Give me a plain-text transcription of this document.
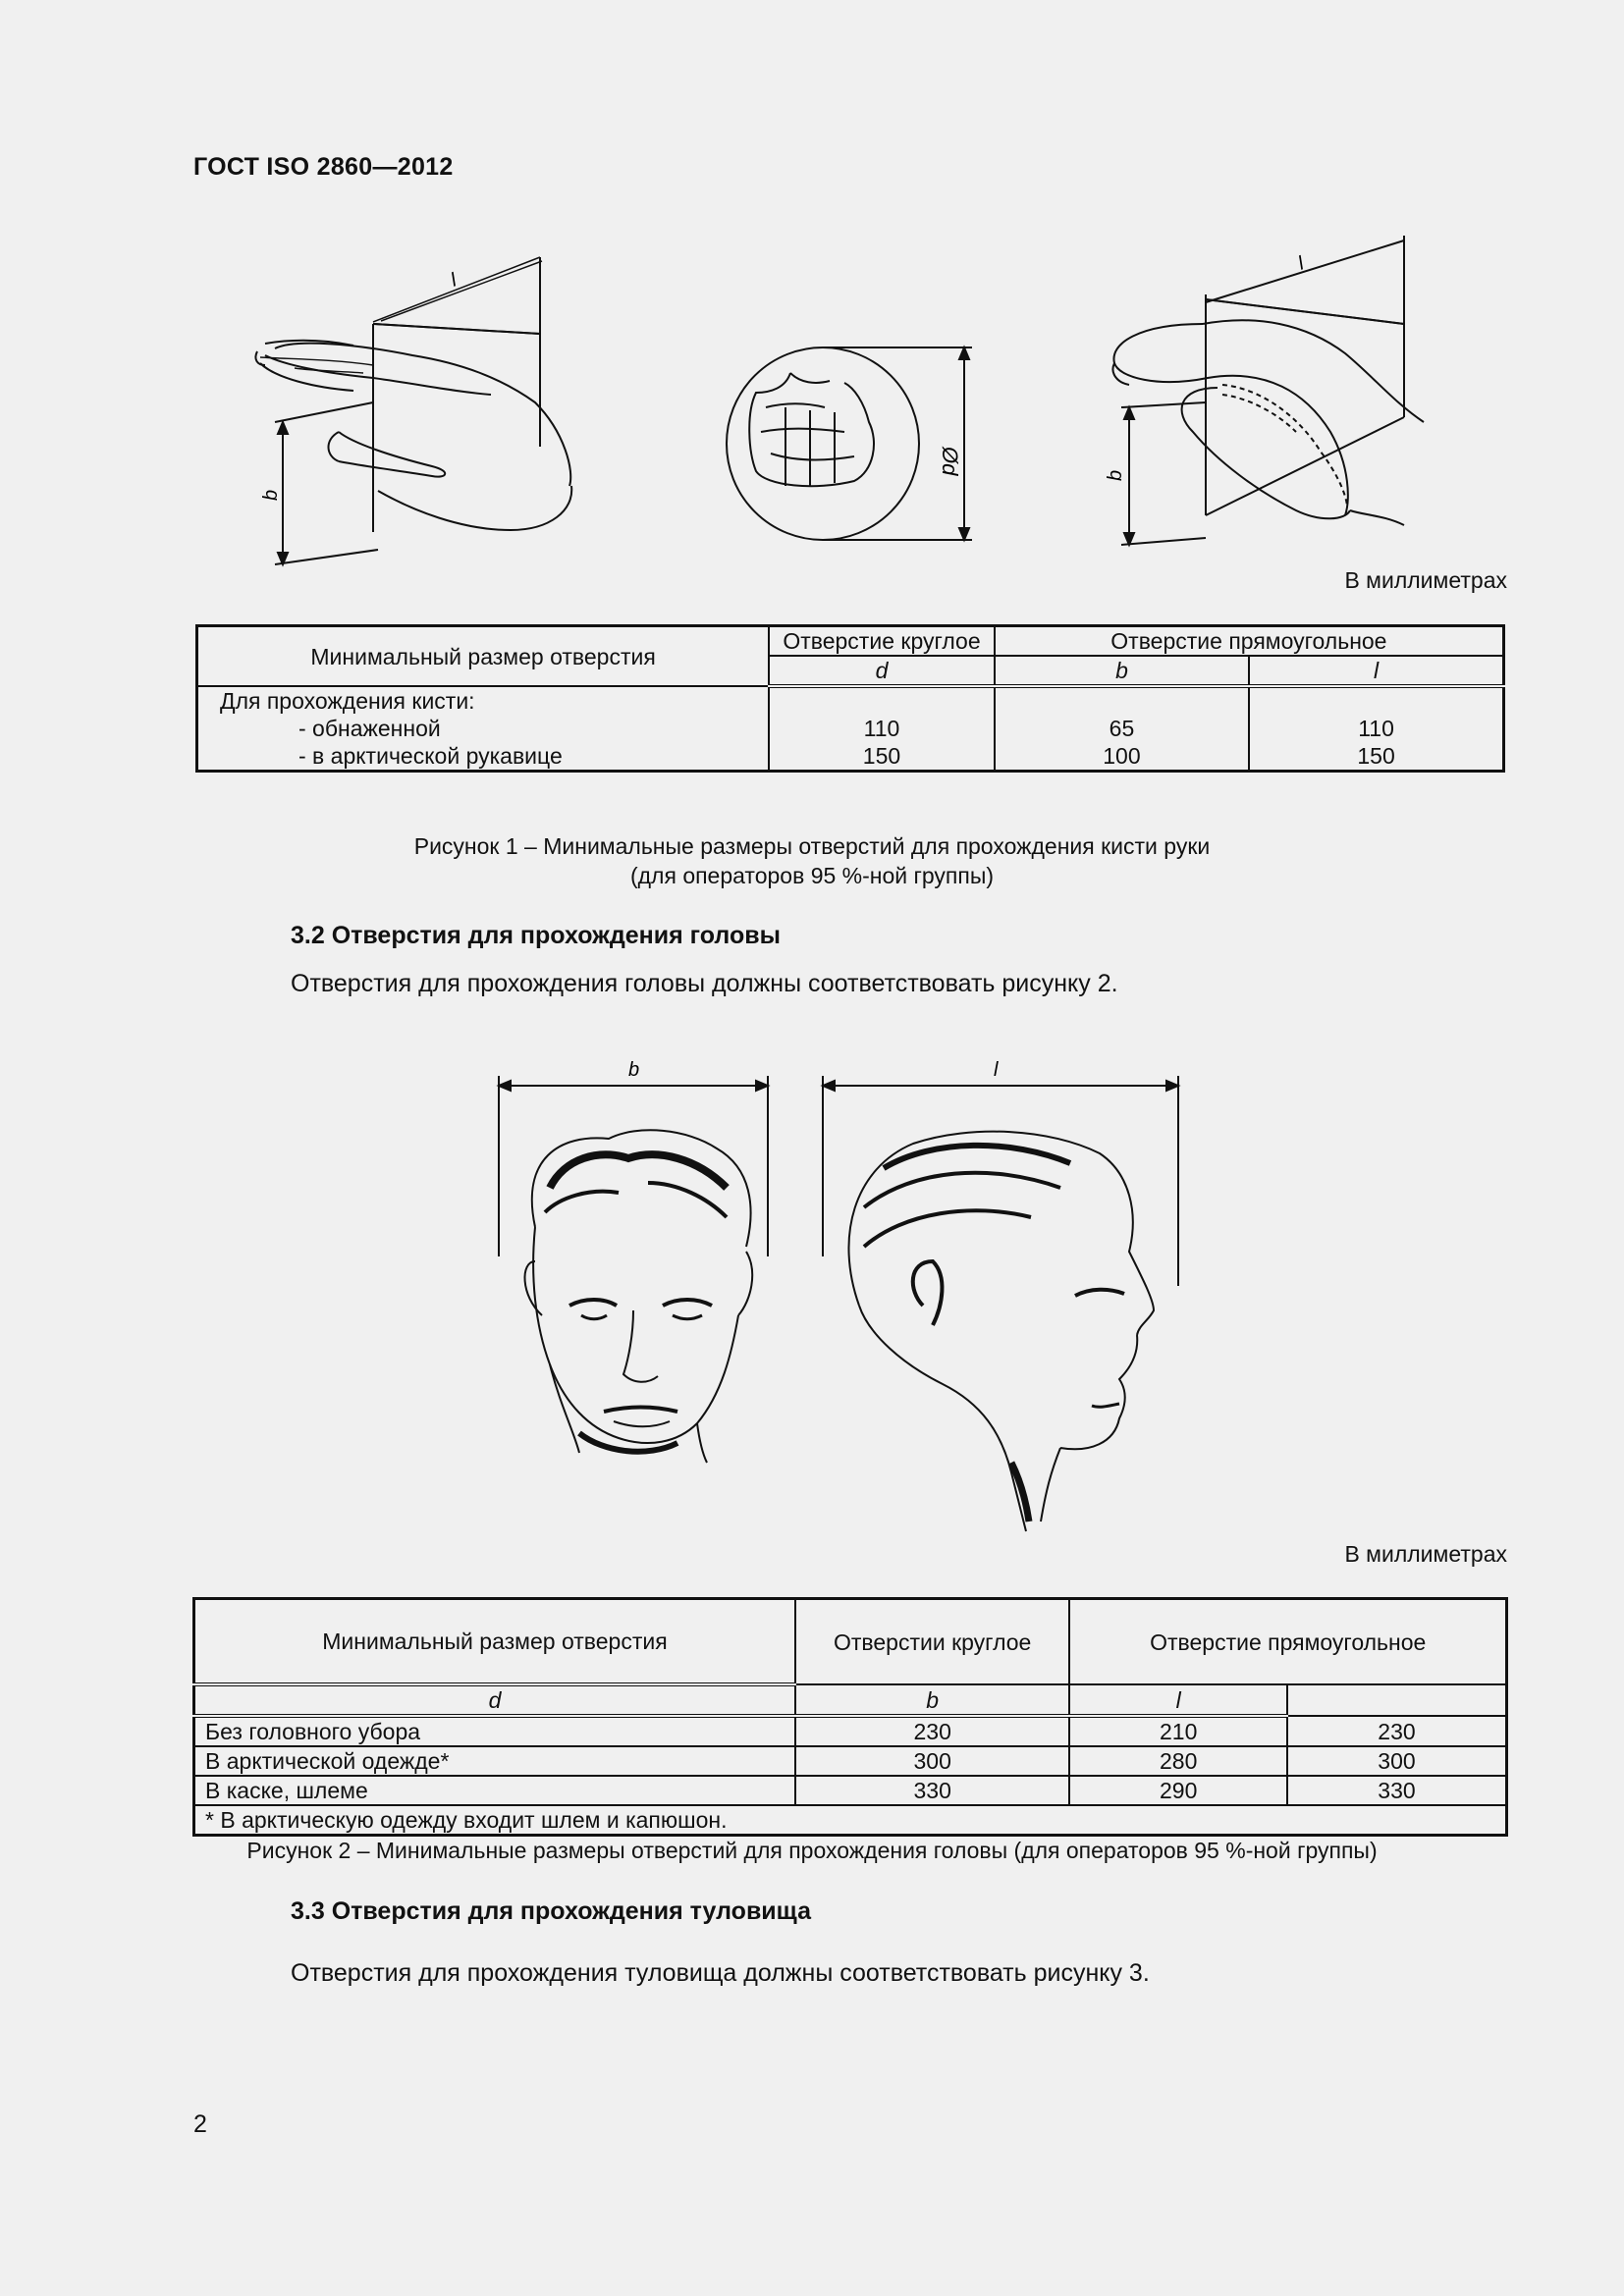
ГОСТ ISO 2860—2012
l
b
Ød
l
b
В миллиметрах
Минимальный размер отверстия	Отверстие круглое	Отверстие прямоугольное	
	d	b	l
Для прохождения кисти:			
- обнаженной	110	65	110
- в арктической рукавице	150	100	150
Рисунок 1 – Минимальные размеры отверстий для прохождения кисти руки
(для операторов 95 %-ной группы)
3.2 Отверстия для прохождения головы
Отверстия для прохождения головы должны соответствовать рисунку 2.
b	l
В миллиметрах
Минимальный размер отверстия	Отверстии круглое	Отверстие прямоугольное	
d	b	l	
Без головного убора	230	210	230
В арктической одежде*	300	280	300
В каске, шлеме	330	290	330
* В арктическую одежду входит шлем и капюшон.			
Рисунок 2 – Минимальные размеры отверстий для прохождения головы (для операторов 95 %-ной группы)
3.3 Отверстия для прохождения туловища
Отверстия для прохождения туловища должны соответствовать рисунку 3.
2
